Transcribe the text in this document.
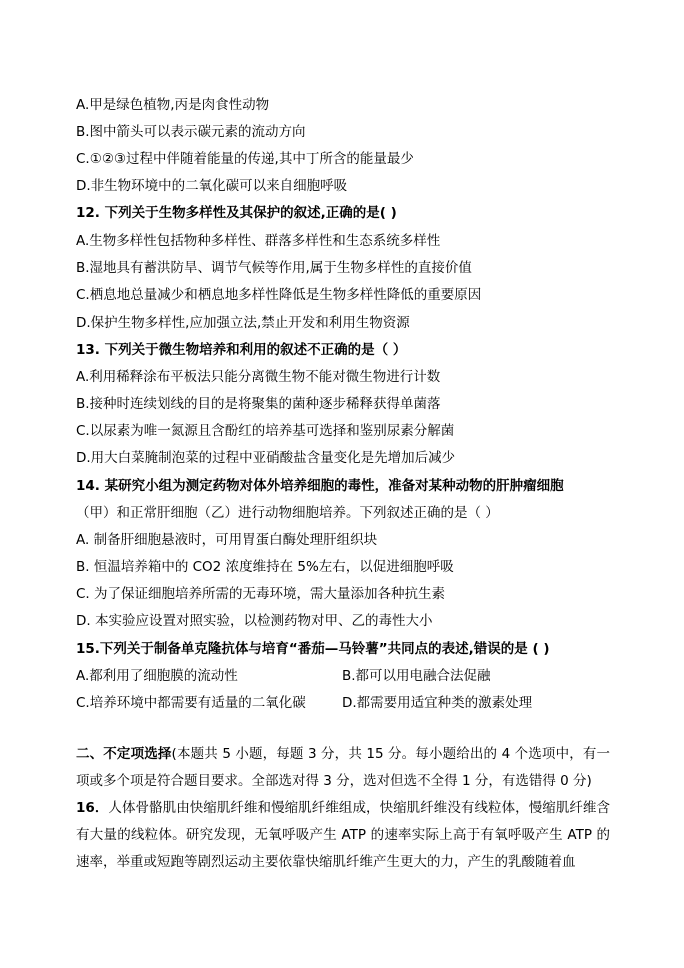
A.甲是绿色植物,丙是肉食性动物
B.图中箭头可以表示碳元素的流动方向
C.①②③过程中伴随着能量的传递,其中丁所含的能量最少
D.非生物环境中的二氧化碳可以来自细胞呼吸
12. 下列关于生物多样性及其保护的叙述,正确的是( )
A.生物多样性包括物种多样性、群落多样性和生态系统多样性
B.湿地具有蓄洪防旱、调节气候等作用,属于生物多样性的直接价值
C.栖息地总量减少和栖息地多样性降低是生物多样性降低的重要原因
D.保护生物多样性,应加强立法,禁止开发和利用生物资源
13. 下列关于微生物培养和利用的叙述不正确的是（ ）
A.利用稀释涂布平板法只能分离微生物不能对微生物进行计数
B.接种时连续划线的目的是将聚集的菌种逐步稀释获得单菌落
C.以尿素为唯一氮源且含酚红的培养基可选择和鉴别尿素分解菌
D.用大白菜腌制泡菜的过程中亚硝酸盐含量变化是先增加后减少
14. 某研究小组为测定药物对体外培养细胞的毒性，准备对某种动物的肝肿瘤细胞
（甲）和正常肝细胞（乙）进行动物细胞培养。下列叙述正确的是（ ）
A. 制备肝细胞悬液时，可用胃蛋白酶处理肝组织块
B. 恒温培养箱中的 CO2 浓度维持在 5%左右，以促进细胞呼吸
C. 为了保证细胞培养所需的无毒环境，需大量添加各种抗生素
D. 本实验应设置对照实验，以检测药物对甲、乙的毒性大小
15.下列关于制备单克隆抗体与培育“番茄—马铃薯”共同点的表述,错误的是 ( )
A.都利用了细胞膜的流动性	B.都可以用电融合法促融
C.培养环境中都需要有适量的二氧化碳	D.都需要用适宜种类的激素处理
二、不定项选择(本题共 5 小题，每题 3 分，共 15 分。每小题给出的 4 个选项中，有一项或多个项是符合题目要求。全部选对得 3 分，选对但选不全得 1 分，有选错得 0 分)
16．人体骨骼肌由快缩肌纤维和慢缩肌纤维组成，快缩肌纤维没有线粒体，慢缩肌纤维含有大量的线粒体。研究发现，无氧呼吸产生 ATP 的速率实际上高于有氧呼吸产生 ATP 的速率，举重或短跑等剧烈运动主要依靠快缩肌纤维产生更大的力，产生的乳酸随着血
